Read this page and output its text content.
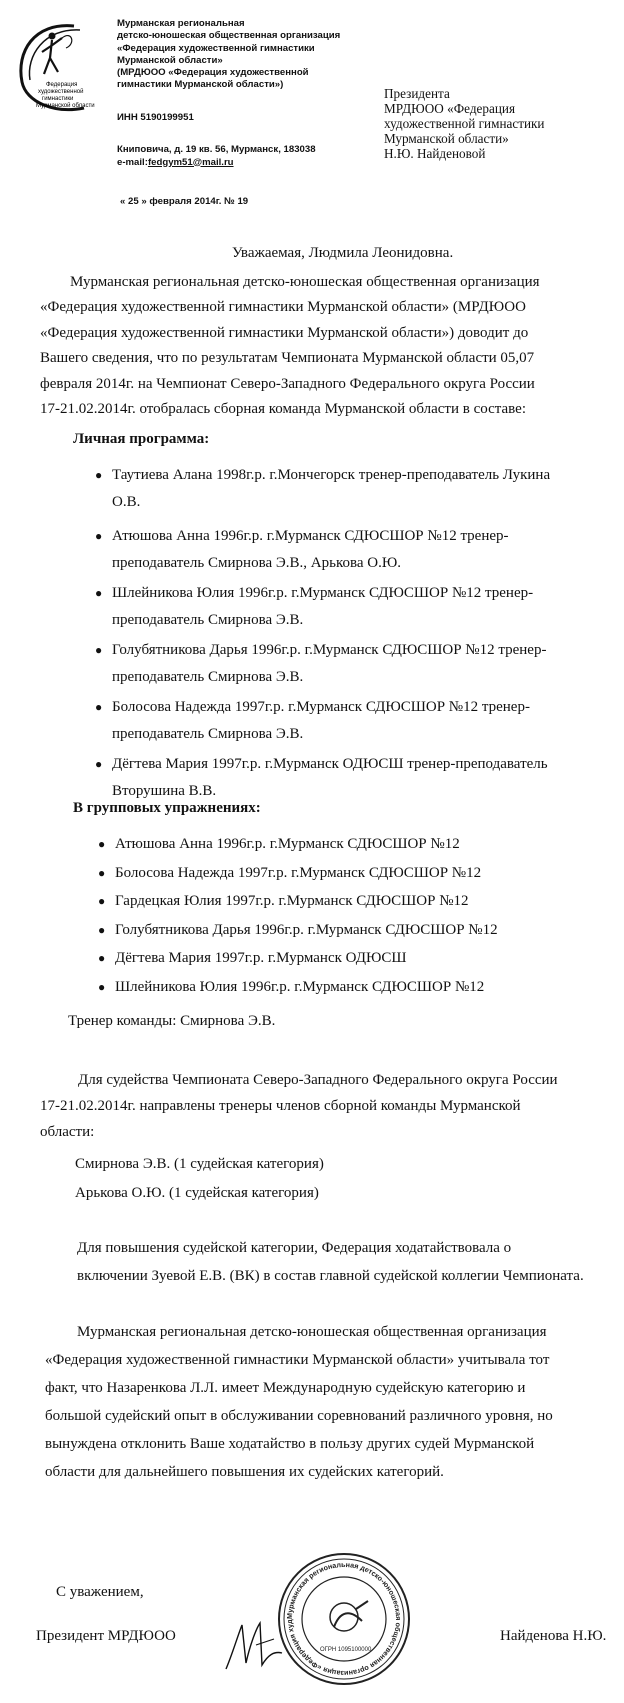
Федерация
художественной
гимнастики
Мурманской области
Мурманская региональная
детско-юношеская общественная организация
«Федерация художественной гимнастики
Мурманской области»
(МРДЮОО «Федерация художественной
гимнастики Мурманской области»)
ИНН 5190199951
Книповича, д. 19 кв. 56, Мурманск, 183038
e-mail:fedgym51@mail.ru
« 25 » февраля 2014г. № 19
Президента
МРДЮОО «Федерация
художественной гимнастики
Мурманской области»
Н.Ю. Найденовой
Уважаемая, Людмила Леонидовна.
Мурманская региональная детско-юношеская общественная организация
«Федерация художественной гимнастики Мурманской области» (МРДЮОО
«Федерация художественной гимнастики Мурманской области») доводит до
Вашего сведения, что по результатам Чемпионата Мурманской области 05,07
февраля 2014г. на Чемпионат Северо-Западного Федерального округа России
17-21.02.2014г. отобралась сборная команда Мурманской области в составе:
Личная программа:
● Таутиева Алана 1998г.р. г.Мончегорск тренер-преподаватель Лукина
О.В.
● Атюшова Анна 1996г.р. г.Мурманск СДЮСШОР №12 тренер-
преподаватель Смирнова Э.В., Арькова О.Ю.
● Шлейникова Юлия 1996г.р. г.Мурманск СДЮСШОР №12 тренер-
преподаватель Смирнова Э.В.
● Голубятникова Дарья 1996г.р. г.Мурманск СДЮСШОР №12 тренер-
преподаватель Смирнова Э.В.
● Болосова Надежда 1997г.р. г.Мурманск СДЮСШОР №12 тренер-
преподаватель Смирнова Э.В.
● Дёгтева Мария 1997г.р. г.Мурманск ОДЮСШ тренер-преподаватель
Вторушина В.В.
В групповых упражнениях:
● Атюшова Анна 1996г.р. г.Мурманск СДЮСШОР №12
● Болосова Надежда 1997г.р. г.Мурманск СДЮСШОР №12
● Гардецкая Юлия 1997г.р. г.Мурманск СДЮСШОР №12
● Голубятникова Дарья 1996г.р. г.Мурманск СДЮСШОР №12
● Дёгтева Мария 1997г.р. г.Мурманск ОДЮСШ
● Шлейникова Юлия 1996г.р. г.Мурманск СДЮСШОР №12
Тренер команды: Смирнова Э.В.
Для судейства Чемпионата Северо-Западного Федерального округа России
17-21.02.2014г. направлены тренеры членов сборной команды Мурманской
области:
Смирнова Э.В. (1 судейская категория)
Арькова О.Ю. (1 судейская категория)
Для повышения судейской категории, Федерация ходатайствовала о
включении Зуевой Е.В. (ВК) в состав главной судейской коллегии Чемпионата.
Мурманская региональная детско-юношеская общественная организация
«Федерация художественной гимнастики Мурманской области» учитывала тот
факт, что Назаренкова Л.Л. имеет Международную судейскую категорию и
большой судейский опыт в обслуживании соревнований различного уровня, но
вынуждена отклонить Ваше ходатайство в пользу других судей Мурманской
области для дальнейшего повышения их судейских категорий.
С уважением,
Президент МРДЮОО	Найденова Н.Ю.
Мурманская региональная детско-юношеская общественная организация «Федерация худ
ОГРН 1095100000
